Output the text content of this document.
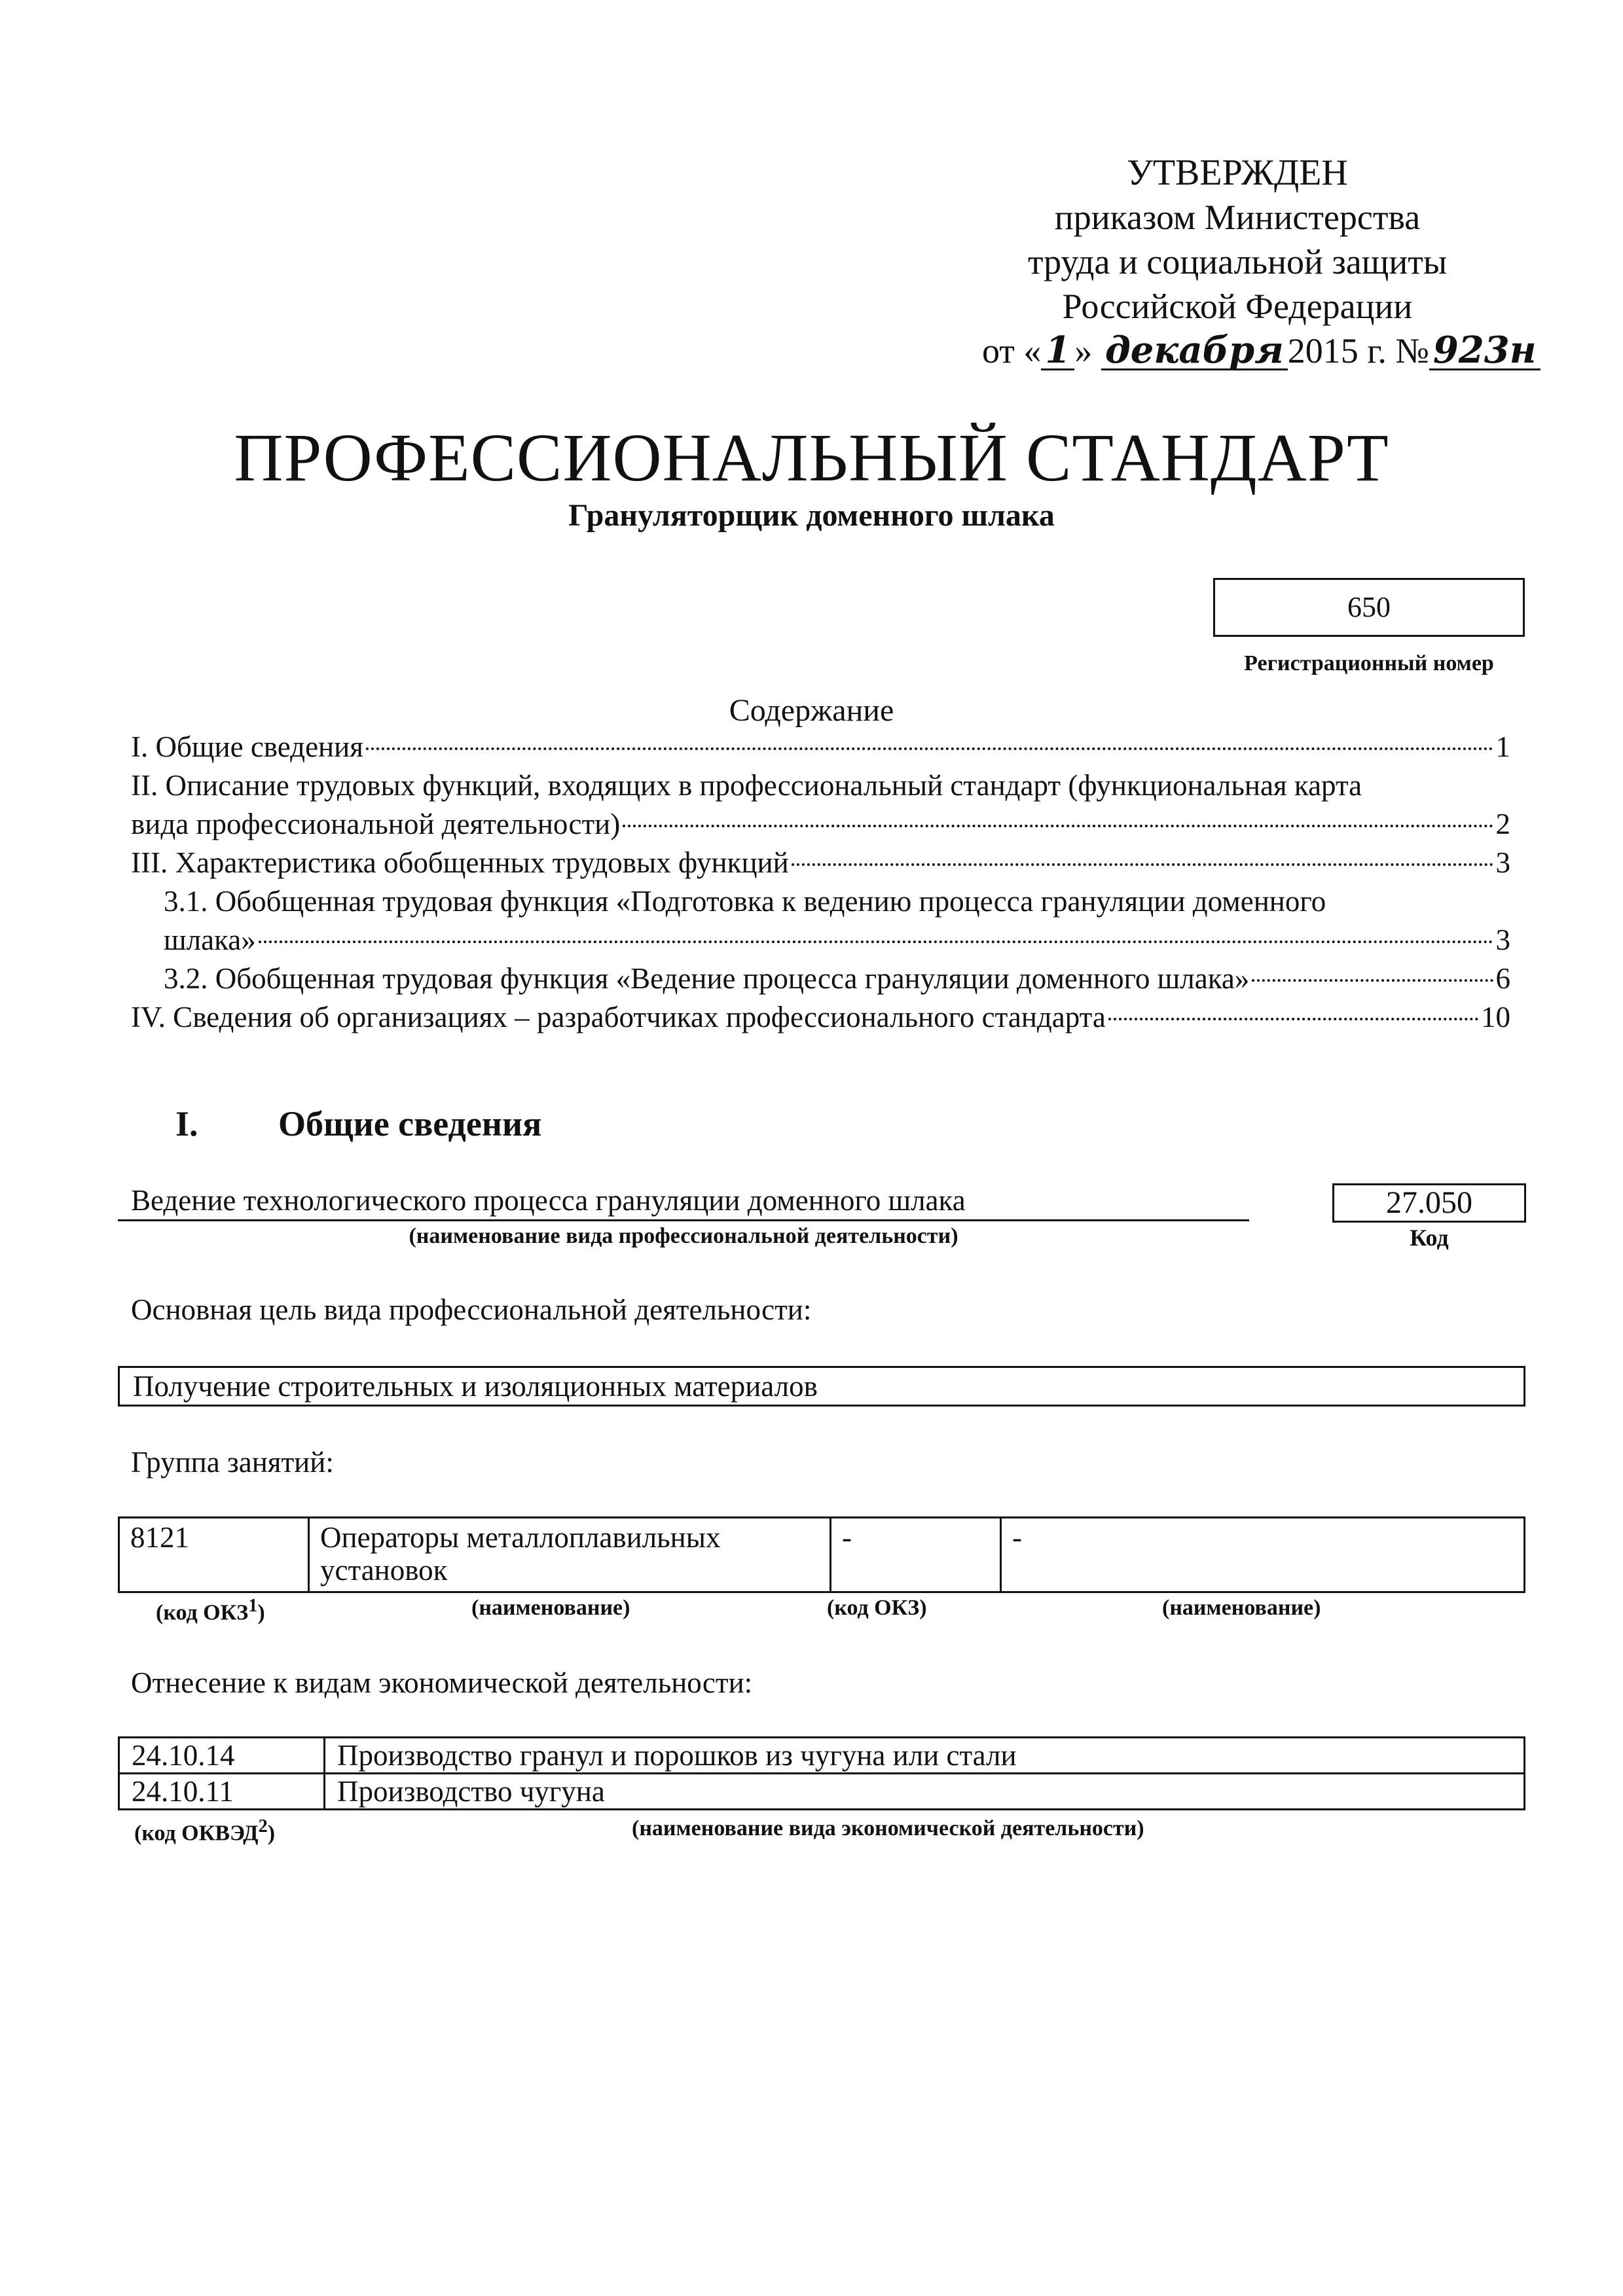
УТВЕРЖДЕН
приказом Министерства
труда и социальной защиты
Российской Федерации
от « 1 » декабря 2015 г. № 923н
ПРОФЕССИОНАЛЬНЫЙ СТАНДАРТ
Грануляторщик доменного шлака
650
Регистрационный номер
Содержание
I. Общие сведения	1
II. Описание трудовых функций, входящих в профессиональный стандарт (функциональная карта
вида профессиональной деятельности)	2
III. Характеристика обобщенных трудовых функций	3
3.1. Обобщенная трудовая функция «Подготовка к ведению процесса грануляции доменного
шлака»	3
3.2. Обобщенная трудовая функция «Ведение процесса грануляции доменного шлака»	6
IV. Сведения об организациях – разработчиках профессионального стандарта	10
I. Общие сведения
Ведение технологического процесса грануляции доменного шлака
(наименование вида профессиональной деятельности)
27.050
Код
Основная цель вида профессиональной деятельности:
Получение строительных и изоляционных материалов
Группа занятий:
8121	Операторы металлоплавильных установок	-	-
(код ОКЗ$^1$)	(наименование)	(код ОКЗ)	(наименование)
Отнесение к видам экономической деятельности:
24.10.14	Производство гранул и порошков из чугуна или стали
24.10.11	Производство чугуна
(код ОКВЭД$^2$)	(наименование вида экономической деятельности)
